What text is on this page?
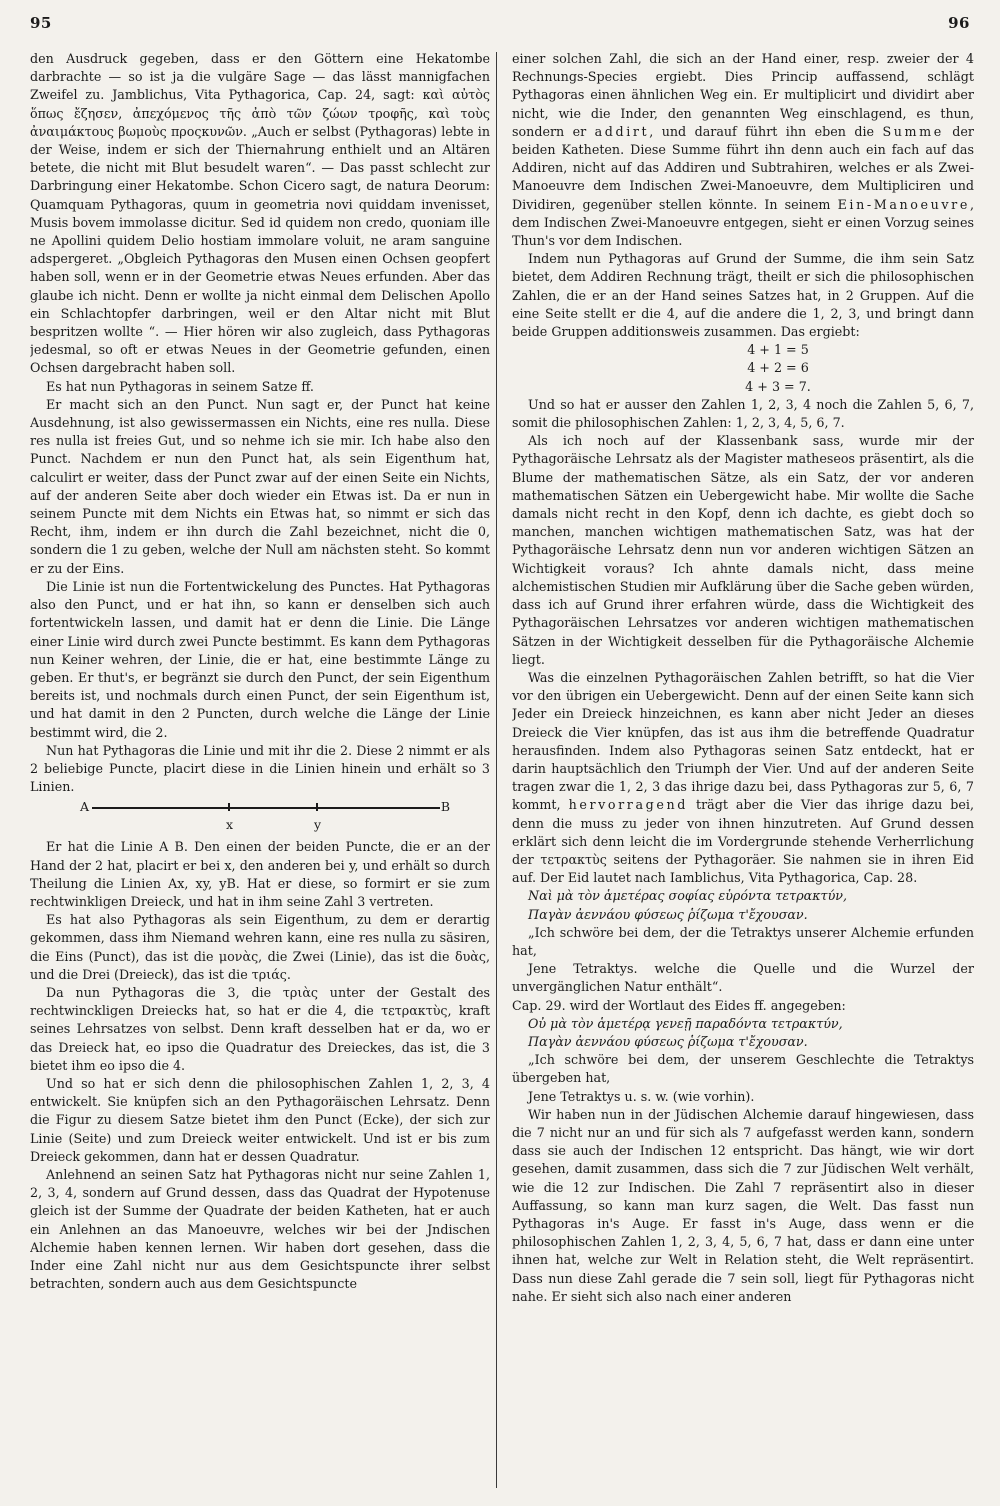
95	96

den Ausdruck gegeben, dass er den Göttern eine Hekatombe darbrachte — so ist ja die vulgäre Sage — das lässt mannigfachen Zweifel zu. Jamblichus, Vita Pythagorica, Cap. 24, sagt: καὶ αὐτὸς ὅπως ἔζησεν, ἀπεχόμενος τῆς ἀπὸ τῶν ζώων τροφῆς, καὶ τοὺς ἀναιμάκτους βωμοὺς προςκυνῶν. „Auch er selbst (Pythagoras) lebte in der Weise, indem er sich der Thiernahrung enthielt und an Altären betete, die nicht mit Blut besudelt waren“. — Das passt schlecht zur Darbringung einer Hekatombe. Schon Cicero sagt, de natura Deorum: Quamquam Pythagoras, quum in geometria novi quiddam invenisset, Musis bovem immolasse dicitur. Sed id quidem non credo, quoniam ille ne Apollini quidem Delio hostiam immolare voluit, ne aram sanguine adspergeret. „Obgleich Pythagoras den Musen einen Ochsen geopfert haben soll, wenn er in der Geometrie etwas Neues erfunden. Aber das glaube ich nicht. Denn er wollte ja nicht einmal dem Delischen Apollo ein Schlachtopfer darbringen, weil er den Altar nicht mit Blut bespritzen wollte “. — Hier hören wir also zugleich, dass Pythagoras jedesmal, so oft er etwas Neues in der Geometrie gefunden, einen Ochsen dargebracht haben soll.

Es hat nun Pythagoras in seinem Satze ff.

Er macht sich an den Punct. Nun sagt er, der Punct hat keine Ausdehnung, ist also gewissermassen ein Nichts, eine res nulla. Diese res nulla ist freies Gut, und so nehme ich sie mir. Ich habe also den Punct. Nachdem er nun den Punct hat, als sein Eigenthum hat, calculirt er weiter, dass der Punct zwar auf der einen Seite ein Nichts, auf der anderen Seite aber doch wieder ein Etwas ist. Da er nun in seinem Puncte mit dem Nichts ein Etwas hat, so nimmt er sich das Recht, ihm, indem er ihn durch die Zahl bezeichnet, nicht die 0, sondern die 1 zu geben, welche der Null am nächsten steht. So kommt er zu der Eins.

Die Linie ist nun die Fortentwickelung des Punctes. Hat Pythagoras also den Punct, und er hat ihn, so kann er denselben sich auch fortentwickeln lassen, und damit hat er denn die Linie. Die Länge einer Linie wird durch zwei Puncte bestimmt. Es kann dem Pythagoras nun Keiner wehren, der Linie, die er hat, eine bestimmte Länge zu geben. Er thut's, er begränzt sie durch den Punct, der sein Eigenthum bereits ist, und nochmals durch einen Punct, der sein Eigenthum ist, und hat damit in den 2 Puncten, durch welche die Länge der Linie bestimmt wird, die 2.

Nun hat Pythagoras die Linie und mit ihr die 2. Diese 2 nimmt er als 2 beliebige Puncte, placirt diese in die Linien hinein und erhält so 3 Linien.

A	B
x	y

Er hat die Linie A B. Den einen der beiden Puncte, die er an der Hand der 2 hat, placirt er bei x, den anderen bei y, und erhält so durch Theilung die Linien Ax, xy, yB. Hat er diese, so formirt er sie zum rechtwinkligen Dreieck, und hat in ihm seine Zahl 3 vertreten.

Es hat also Pythagoras als sein Eigenthum, zu dem er derartig gekommen, dass ihm Niemand wehren kann, eine res nulla zu säsiren, die Eins (Punct), das ist die μονὰς, die Zwei (Linie), das ist die δυὰς, und die Drei (Dreieck), das ist die τριάς.

Da nun Pythagoras die 3, die τριὰς unter der Gestalt des rechtwinckligen Dreiecks hat, so hat er die 4, die τετρακτὺς, kraft seines Lehrsatzes von selbst. Denn kraft desselben hat er da, wo er das Dreieck hat, eo ipso die Quadratur des Dreieckes, das ist, die 3 bietet ihm eo ipso die 4.

Und so hat er sich denn die philosophischen Zahlen 1, 2, 3, 4 entwickelt. Sie knüpfen sich an den Pythagoräischen Lehrsatz. Denn die Figur zu diesem Satze bietet ihm den Punct (Ecke), der sich zur Linie (Seite) und zum Dreieck weiter entwickelt. Und ist er bis zum Dreieck gekommen, dann hat er dessen Quadratur.

Anlehnend an seinen Satz hat Pythagoras nicht nur seine Zahlen 1, 2, 3, 4, sondern auf Grund dessen, dass das Quadrat der Hypotenuse gleich ist der Summe der Quadrate der beiden Katheten, hat er auch ein Anlehnen an das Manoeuvre, welches wir bei der Jndischen Alchemie haben kennen lernen. Wir haben dort gesehen, dass die Inder eine Zahl nicht nur aus dem Gesichtspuncte ihrer selbst betrachten, sondern auch aus dem Gesichtspuncte

einer solchen Zahl, die sich an der Hand einer, resp. zweier der 4 Rechnungs-Species ergiebt. Dies Princip auffassend, schlägt Pythagoras einen ähnlichen Weg ein. Er multiplicirt und dividirt aber nicht, wie die Inder, den genannten Weg einschlagend, es thun, sondern er addirt, und darauf führt ihn eben die Summe der beiden Katheten. Diese Summe führt ihn denn auch ein fach auf das Addiren, nicht auf das Addiren und Subtrahiren, welches er als Zwei-Manoeuvre dem Indischen Zwei-Manoeuvre, dem Multipliciren und Dividiren, gegenüber stellen könnte. In seinem Ein-Manoeuvre, dem Indischen Zwei-Manoeuvre entgegen, sieht er einen Vorzug seines Thun's vor dem Indischen.

Indem nun Pythagoras auf Grund der Summe, die ihm sein Satz bietet, dem Addiren Rechnung trägt, theilt er sich die philosophischen Zahlen, die er an der Hand seines Satzes hat, in 2 Gruppen. Auf die eine Seite stellt er die 4, auf die andere die 1, 2, 3, und bringt dann beide Gruppen additionsweis zusammen. Das ergiebt:

4 + 1 = 5

4 + 2 = 6

4 + 3 = 7.

Und so hat er ausser den Zahlen 1, 2, 3, 4 noch die Zahlen 5, 6, 7, somit die philosophischen Zahlen: 1, 2, 3, 4, 5, 6, 7.

Als ich noch auf der Klassenbank sass, wurde mir der Pythagoräische Lehrsatz als der Magister matheseos präsentirt, als die Blume der mathematischen Sätze, als ein Satz, der vor anderen mathematischen Sätzen ein Uebergewicht habe. Mir wollte die Sache damals nicht recht in den Kopf, denn ich dachte, es giebt doch so manchen, manchen wichtigen mathematischen Satz, was hat der Pythagoräische Lehrsatz denn nun vor anderen wichtigen Sätzen an Wichtigkeit voraus? Ich ahnte damals nicht, dass meine alchemistischen Studien mir Aufklärung über die Sache geben würden, dass ich auf Grund ihrer erfahren würde, dass die Wichtigkeit des Pythagoräischen Lehrsatzes vor anderen wichtigen mathematischen Sätzen in der Wichtigkeit desselben für die Pythagoräische Alchemie liegt.

Was die einzelnen Pythagoräischen Zahlen betrifft, so hat die Vier vor den übrigen ein Uebergewicht. Denn auf der einen Seite kann sich Jeder ein Dreieck hinzeichnen, es kann aber nicht Jeder an dieses Dreieck die Vier knüpfen, das ist aus ihm die betreffende Quadratur herausfinden. Indem also Pythagoras seinen Satz entdeckt, hat er darin hauptsächlich den Triumph der Vier. Und auf der anderen Seite tragen zwar die 1, 2, 3 das ihrige dazu bei, dass Pythagoras zur 5, 6, 7 kommt, hervorragend trägt aber die Vier das ihrige dazu bei, denn die muss zu jeder von ihnen hinzutreten. Auf Grund dessen erklärt sich denn leicht die im Vordergrunde stehende Verherrlichung der τετρακτὺς seitens der Pythagoräer. Sie nahmen sie in ihren Eid auf. Der Eid lautet nach Iamblichus, Vita Pythagorica, Cap. 28.

Ναὶ μὰ τὸν ἁμετέρας σοφίας εὑρόντα τετρακτύν,

Παγὰν ἀεννάου φύσεως ῥίζωμα τ'ἔχουσαν.

„Ich schwöre bei dem, der die Tetraktys unserer Alchemie erfunden hat,

Jene Tetraktys. welche die Quelle und die Wurzel der unvergänglichen Natur enthält“.

Cap. 29. wird der Wortlaut des Eides ff. angegeben:

Οὐ μὰ τὸν ἁμετέρᾳ γενεῇ παραδόντα τετρακτύν,

Παγὰν ἀεννάου φύσεως ῥίζωμα τ'ἔχουσαν.

„Ich schwöre bei dem, der unserem Geschlechte die Tetraktys übergeben hat,

Jene Tetraktys u. s. w. (wie vorhin).

Wir haben nun in der Jüdischen Alchemie darauf hingewiesen, dass die 7 nicht nur an und für sich als 7 aufgefasst werden kann, sondern dass sie auch der Indischen 12 entspricht. Das hängt, wie wir dort gesehen, damit zusammen, dass sich die 7 zur Jüdischen Welt verhält, wie die 12 zur Indischen. Die Zahl 7 repräsentirt also in dieser Auffassung, so kann man kurz sagen, die Welt. Das fasst nun Pythagoras in's Auge. Er fasst in's Auge, dass wenn er die philosophischen Zahlen 1, 2, 3, 4, 5, 6, 7 hat, dass er dann eine unter ihnen hat, welche zur Welt in Relation steht, die Welt repräsentirt. Dass nun diese Zahl gerade die 7 sein soll, liegt für Pythagoras nicht nahe. Er sieht sich also nach einer anderen
